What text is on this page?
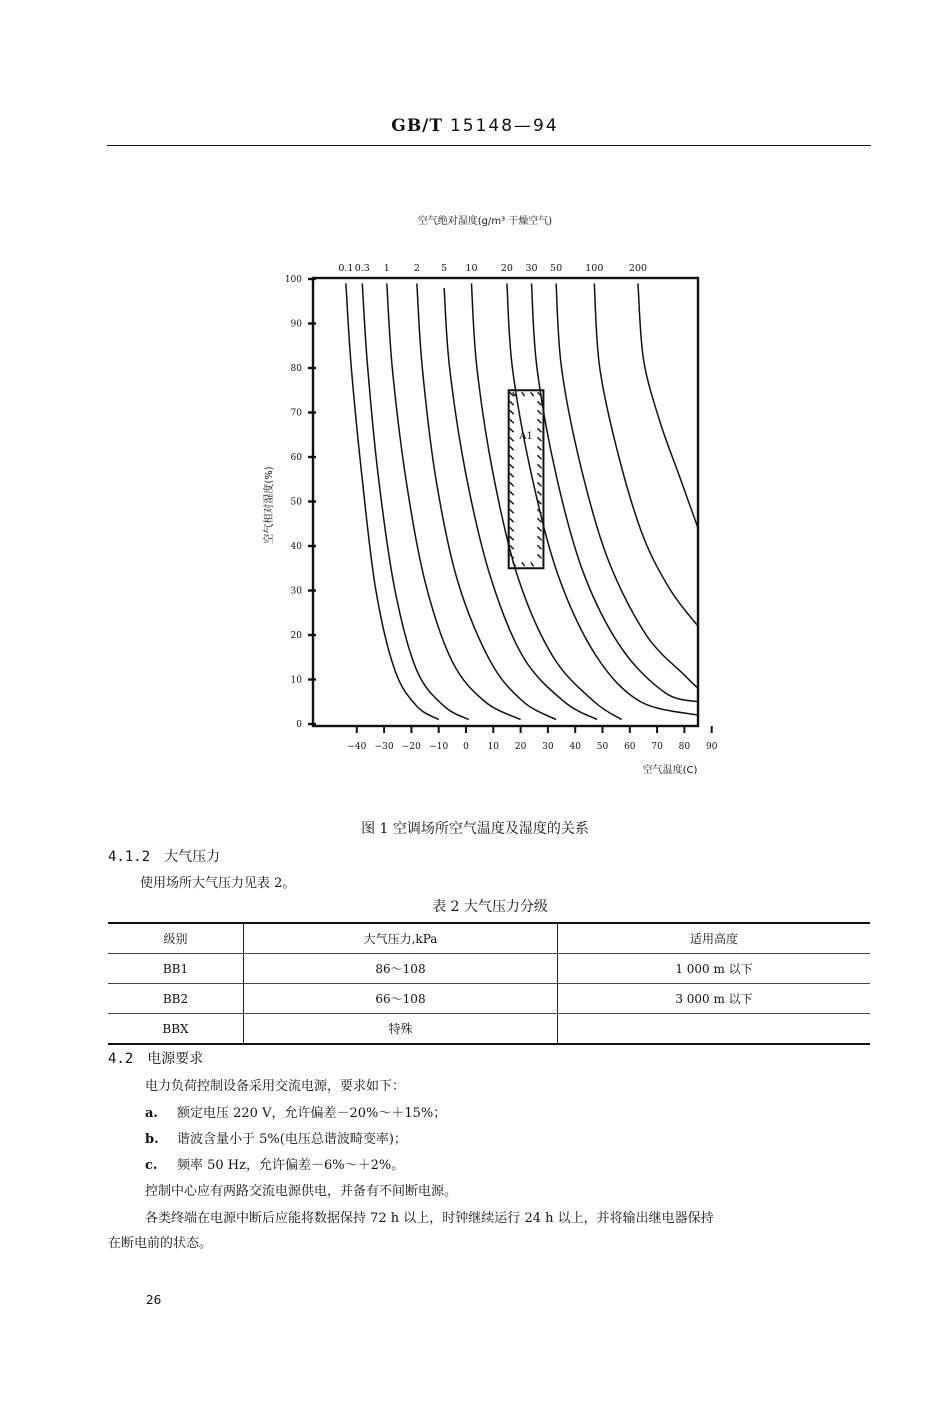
GB/T 15148—94
空气绝对湿度(g/m³ 干燥空气)
0.1 0.3 1	2 5 10 20 30 50 100	200
0
10
20
30
40
50
60
70
80
90
100
−40 −30 −20 −10 0 10 20 30 40 50 60 70 80 90
空气相对湿度(%)
空气温度(C)
A1
图 1 空调场所空气温度及湿度的关系
4.1.2 大气压力
使用场所大气压力见表 2。
表 2 大气压力分级
级别	大气压力,kPa	适用高度
BB1	86～108	1 000 m 以下
BB2	66～108	3 000 m 以下
BBX	特殊	
4.2 电源要求
电力负荷控制设备采用交流电源，要求如下：
a. 额定电压 220 V，允许偏差－20%～＋15%；
b. 谐波含量小于 5%(电压总谐波畸变率)；
c. 频率 50 Hz，允许偏差－6%～＋2%。
控制中心应有两路交流电源供电，并备有不间断电源。
各类终端在电源中断后应能将数据保持 72 h 以上，时钟继续运行 24 h 以上，并将输出继电器保持
在断电前的状态。
26
